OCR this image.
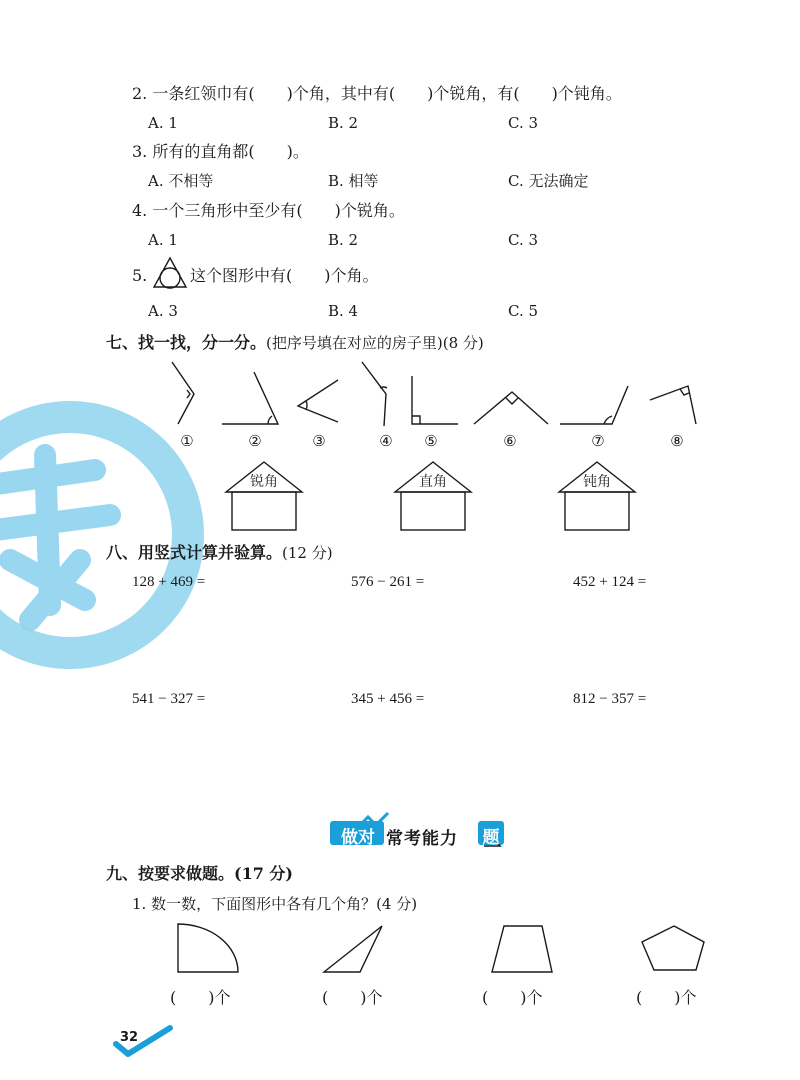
2. 一条红领巾有(　　)个角，其中有(　　)个锐角，有(　　)个钝角。
A. 1	B. 2	C. 3
3. 所有的直角都(　　)。
A. 不相等	B. 相等	C. 无法确定
4. 一个三角形中至少有(　　)个锐角。
A. 1	B. 2	C. 3
5.	这个图形中有(　　)个角。
A. 3	B. 4	C. 5
七、找一找，分一分。(把序号填在对应的房子里)(8 分)
①	②	③	④	⑤	⑥	⑦	⑧
锐角	直角	钝角
八、用竖式计算并验算。(12 分)
128 + 469 =	576 − 261 =	452 + 124 =
541 − 327 =	345 + 456 =	812 − 357 =
做对 常考能力 题
九、按要求做题。(17 分)
1. 数一数，下面图形中各有几个角？(4 分)
(　　)个	(　　)个	(　　)个	(　　)个
32
